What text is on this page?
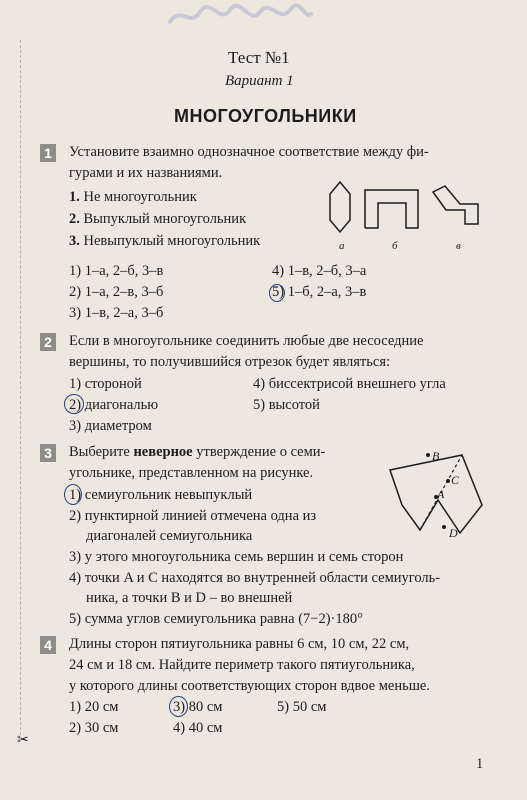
Тест №1
Вариант 1
МНОГОУГОЛЬНИКИ
1 Установите взаимно однозначное соответствие между фи-
гурами и их названиями.
1. Не многоугольник
2. Выпуклый многоугольник
3. Невыпуклый многоугольник	а	б	в
1) 1–а, 2–б, 3–в
2) 1–а, 2–в, 3–б
3) 1–в, 2–а, 3–б
4) 1–в, 2–б, 3–а
5) 1–б, 2–а, 3–в
2 Если в многоугольнике соединить любые две несоседние
вершины, то получившийся отрезок будет являться:
1) стороной
2) диагональю
3) диаметром
4) биссектрисой внешнего угла
5) высотой
3 Выберите неверное утверждение о семи-
угольнике, представленном на рисунке.
B
C
A
D
1) семиугольник невыпуклый
2) пунктирной линией отмечена одна из
диагоналей семиугольника
3) у этого многоугольника семь вершин и семь сторон
4) точки A и C находятся во внутренней области семиуголь-
ника, а точки B и D – во внешней
5) сумма углов семиугольника равна (7−2)·180°
4 Длины сторон пятиугольника равны 6 см, 10 см, 22 см,
24 см и 18 см. Найдите периметр такого пятиугольника,
у которого длины соответствующих сторон вдвое меньше.
1) 20 см
2) 30 см
3) 80 см
4) 40 см
5) 50 см
✂
1
